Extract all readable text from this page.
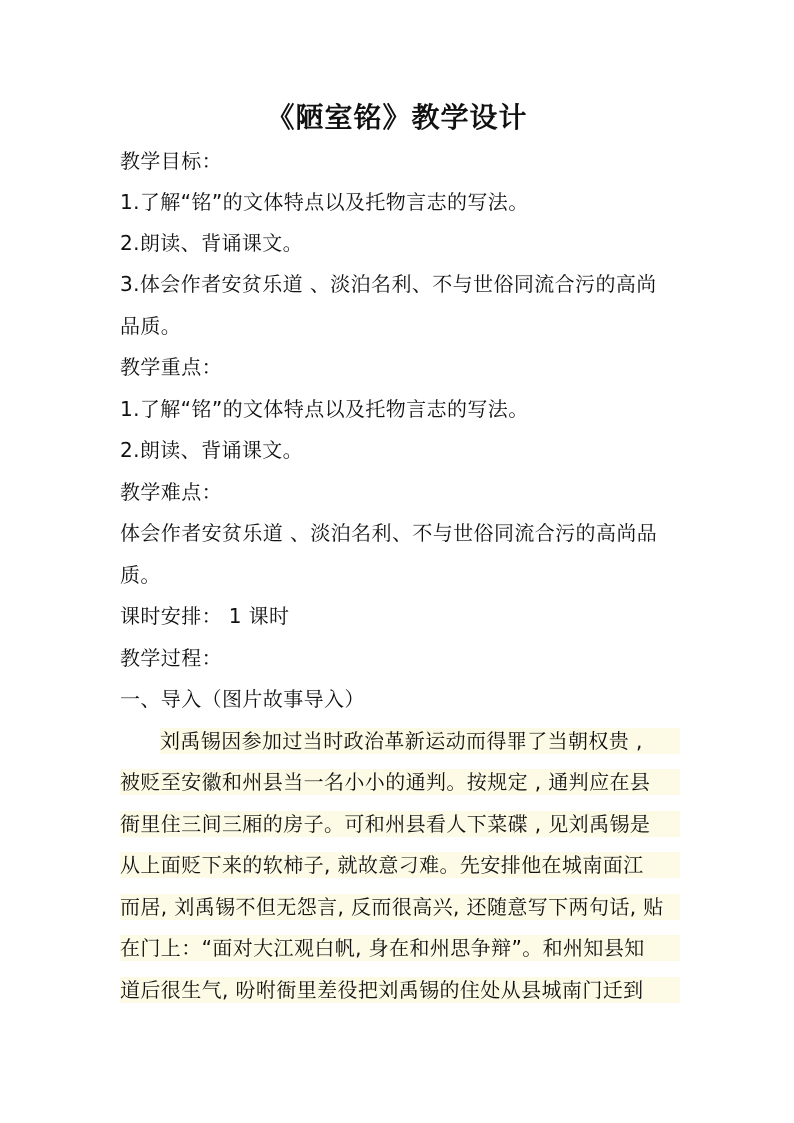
《陋室铭》教学设计
教学目标：
1.了解“铭”的文体特点以及托物言志的写法。
2.朗读、背诵课文。
3.体会作者安贫乐道 、淡泊名利、不与世俗同流合污的高尚
品质。
教学重点：
1.了解“铭”的文体特点以及托物言志的写法。
2.朗读、背诵课文。
教学难点：
体会作者安贫乐道 、淡泊名利、不与世俗同流合污的高尚品
质。
课时安排： 1 课时
教学过程：
一、导入（图片故事导入）
刘禹锡因参加过当时政治革新运动而得罪了当朝权贵 ,
被贬至安徽和州县当一名小小的通判。按规定 , 通判应在县
衙里住三间三厢的房子。可和州县看人下菜碟 , 见刘禹锡是
从上面贬下来的软柿子, 就故意刁难。先安排他在城南面江
而居, 刘禹锡不但无怨言, 反而很高兴, 还随意写下两句话, 贴
在门上：“面对大江观白帆, 身在和州思争辩”。和州知县知
道后很生气, 吩咐衙里差役把刘禹锡的住处从县城南门迁到
